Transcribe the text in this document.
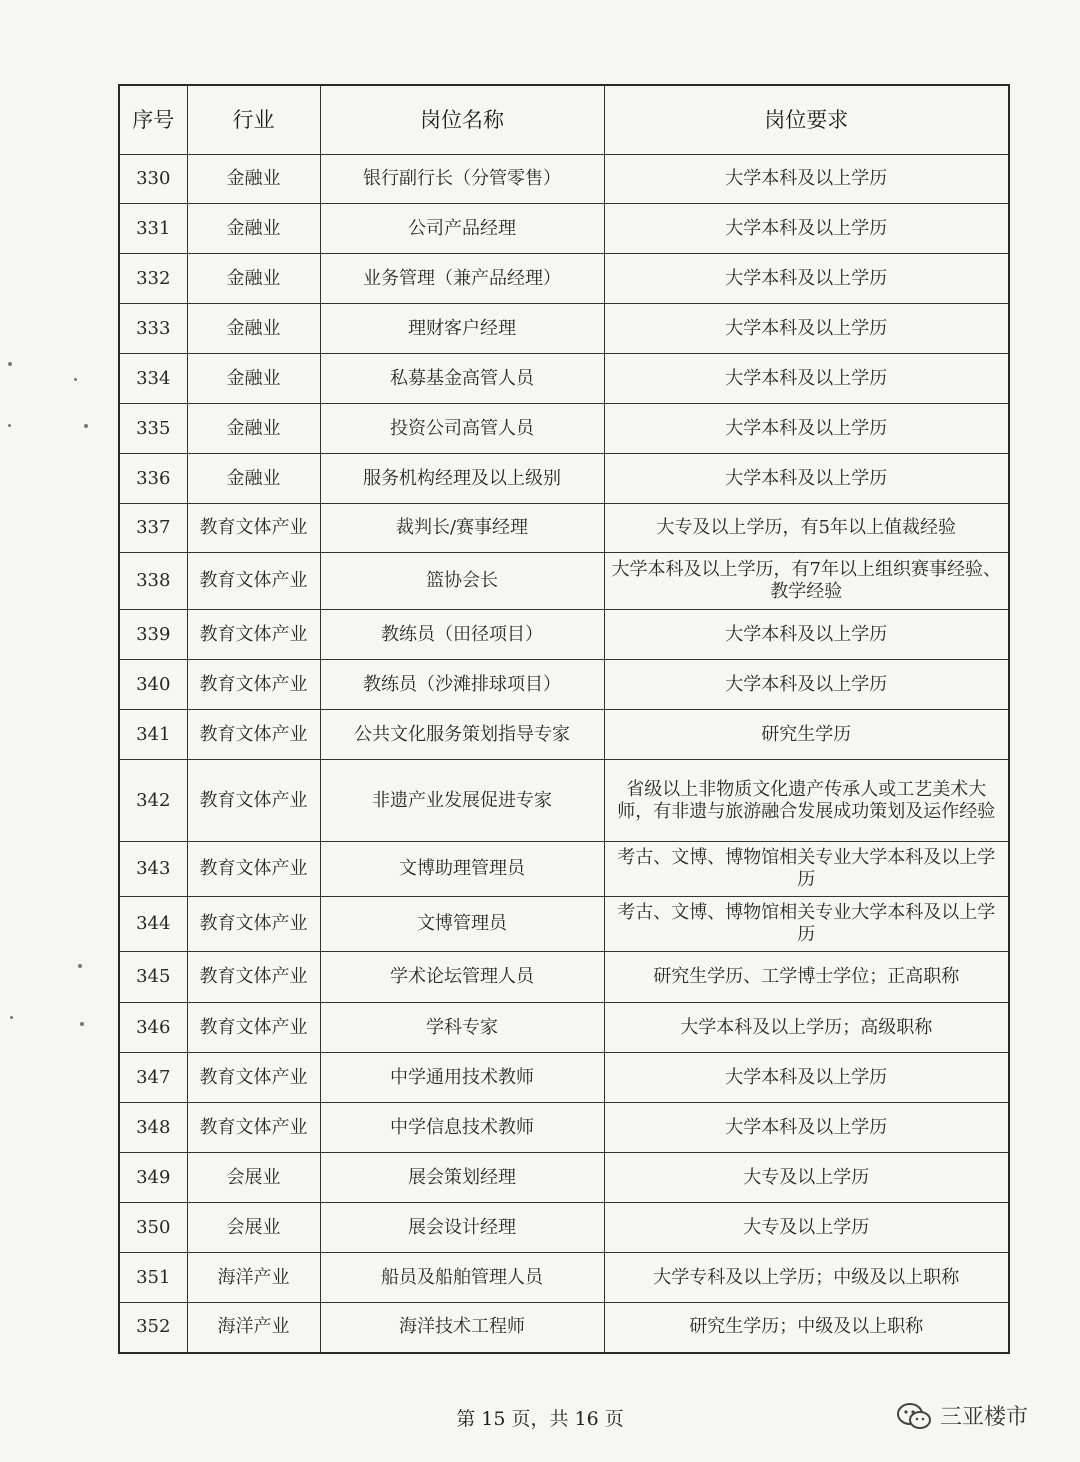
序号	行业	岗位名称	岗位要求
330	金融业	银行副行长（分管零售）	大学本科及以上学历
331	金融业	公司产品经理	大学本科及以上学历
332	金融业	业务管理（兼产品经理）	大学本科及以上学历
333	金融业	理财客户经理	大学本科及以上学历
334	金融业	私募基金高管人员	大学本科及以上学历
335	金融业	投资公司高管人员	大学本科及以上学历
336	金融业	服务机构经理及以上级别	大学本科及以上学历
337	教育文体产业	裁判长/赛事经理	大专及以上学历，有5年以上值裁经验
338	教育文体产业	篮协会长	大学本科及以上学历，有7年以上组织赛事经验、教学经验
339	教育文体产业	教练员（田径项目）	大学本科及以上学历
340	教育文体产业	教练员（沙滩排球项目）	大学本科及以上学历
341	教育文体产业	公共文化服务策划指导专家	研究生学历
342	教育文体产业	非遗产业发展促进专家	省级以上非物质文化遗产传承人或工艺美术大师，有非遗与旅游融合发展成功策划及运作经验
343	教育文体产业	文博助理管理员	考古、文博、博物馆相关专业大学本科及以上学历
344	教育文体产业	文博管理员	考古、文博、博物馆相关专业大学本科及以上学历
345	教育文体产业	学术论坛管理人员	研究生学历、工学博士学位；正高职称
346	教育文体产业	学科专家	大学本科及以上学历；高级职称
347	教育文体产业	中学通用技术教师	大学本科及以上学历
348	教育文体产业	中学信息技术教师	大学本科及以上学历
349	会展业	展会策划经理	大专及以上学历
350	会展业	展会设计经理	大专及以上学历
351	海洋产业	船员及船舶管理人员	大学专科及以上学历；中级及以上职称
352	海洋产业	海洋技术工程师	研究生学历；中级及以上职称
第 15 页，共 16 页	三亚楼市
